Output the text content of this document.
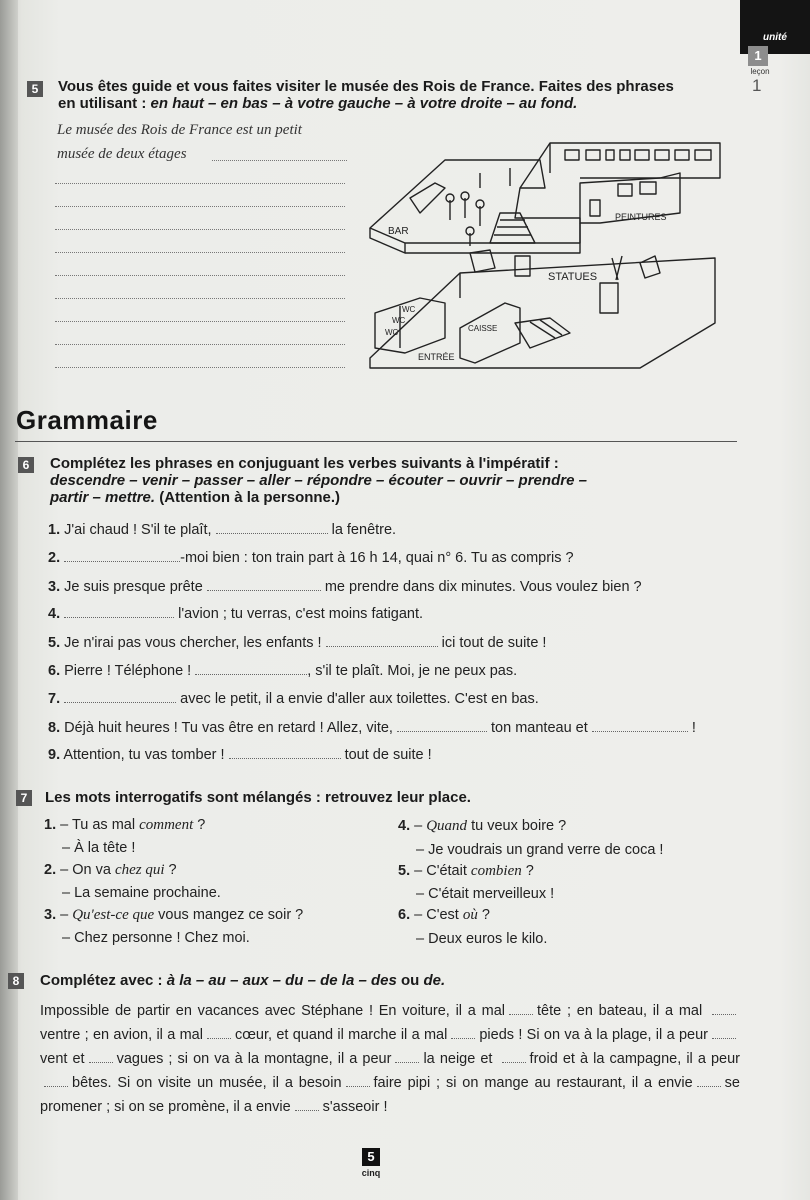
unité
1
leçon
1
5	Vous êtes guide et vous faites visiter le musée des Rois de France. Faites des phrases
en utilisant : en haut – en bas – à votre gauche – à votre droite – au fond.
Le musée des Rois de France est un petit
musée de deux étages
BAR
PEINTURES
STATUES
WC
WC
WC	CAISSE
ENTRÉE
Grammaire
6	Complétez les phrases en conjuguant les verbes suivants à l'impératif :
descendre – venir – passer – aller – répondre – écouter – ouvrir – prendre –
partir – mettre. (Attention à la personne.)
1. J'ai chaud ! S'il te plaît,	la fenêtre.
2.	-moi bien : ton train part à 16 h 14, quai n° 6. Tu as compris ?
3. Je suis presque prête	me prendre dans dix minutes. Vous voulez bien ?
4.	l'avion ; tu verras, c'est moins fatigant.
5. Je n'irai pas vous chercher, les enfants !	ici tout de suite !
6. Pierre ! Téléphone !	, s'il te plaît. Moi, je ne peux pas.
7.	avec le petit, il a envie d'aller aux toilettes. C'est en bas.
8. Déjà huit heures ! Tu vas être en retard ! Allez, vite,	ton manteau et	!
9. Attention, tu vas tomber !	tout de suite !
7	Les mots interrogatifs sont mélangés : retrouvez leur place.
1. – Tu as mal comment ?
– À la tête !
2. – On va chez qui ?
– La semaine prochaine.
3. – Qu'est-ce que vous mangez ce soir ?
– Chez personne ! Chez moi.
4. – Quand tu veux boire ?
– Je voudrais un grand verre de coca !
5. – C'était combien ?
– C'était merveilleux !
6. – C'est où ?
– Deux euros le kilo.
8	Complétez avec : à la – au – aux – du – de la – des ou de.
Impossible de partir en vacances avec Stéphane ! En voiture, il a mal tête ; en bateau, il a mal ventre ; en avion, il a mal cœur, et quand il marche il a mal pieds ! Si on va à la plage, il a peurvent et vagues ; si on va à la montagne, il a peur la neige et	froid et à la campagne, il a peurbêtes. Si on visite un musée, il a besoin faire pipi ; si on mange au restaurant, il a envie se promener ; si on se promène, il a envie s'asseoir !
5
cinq
